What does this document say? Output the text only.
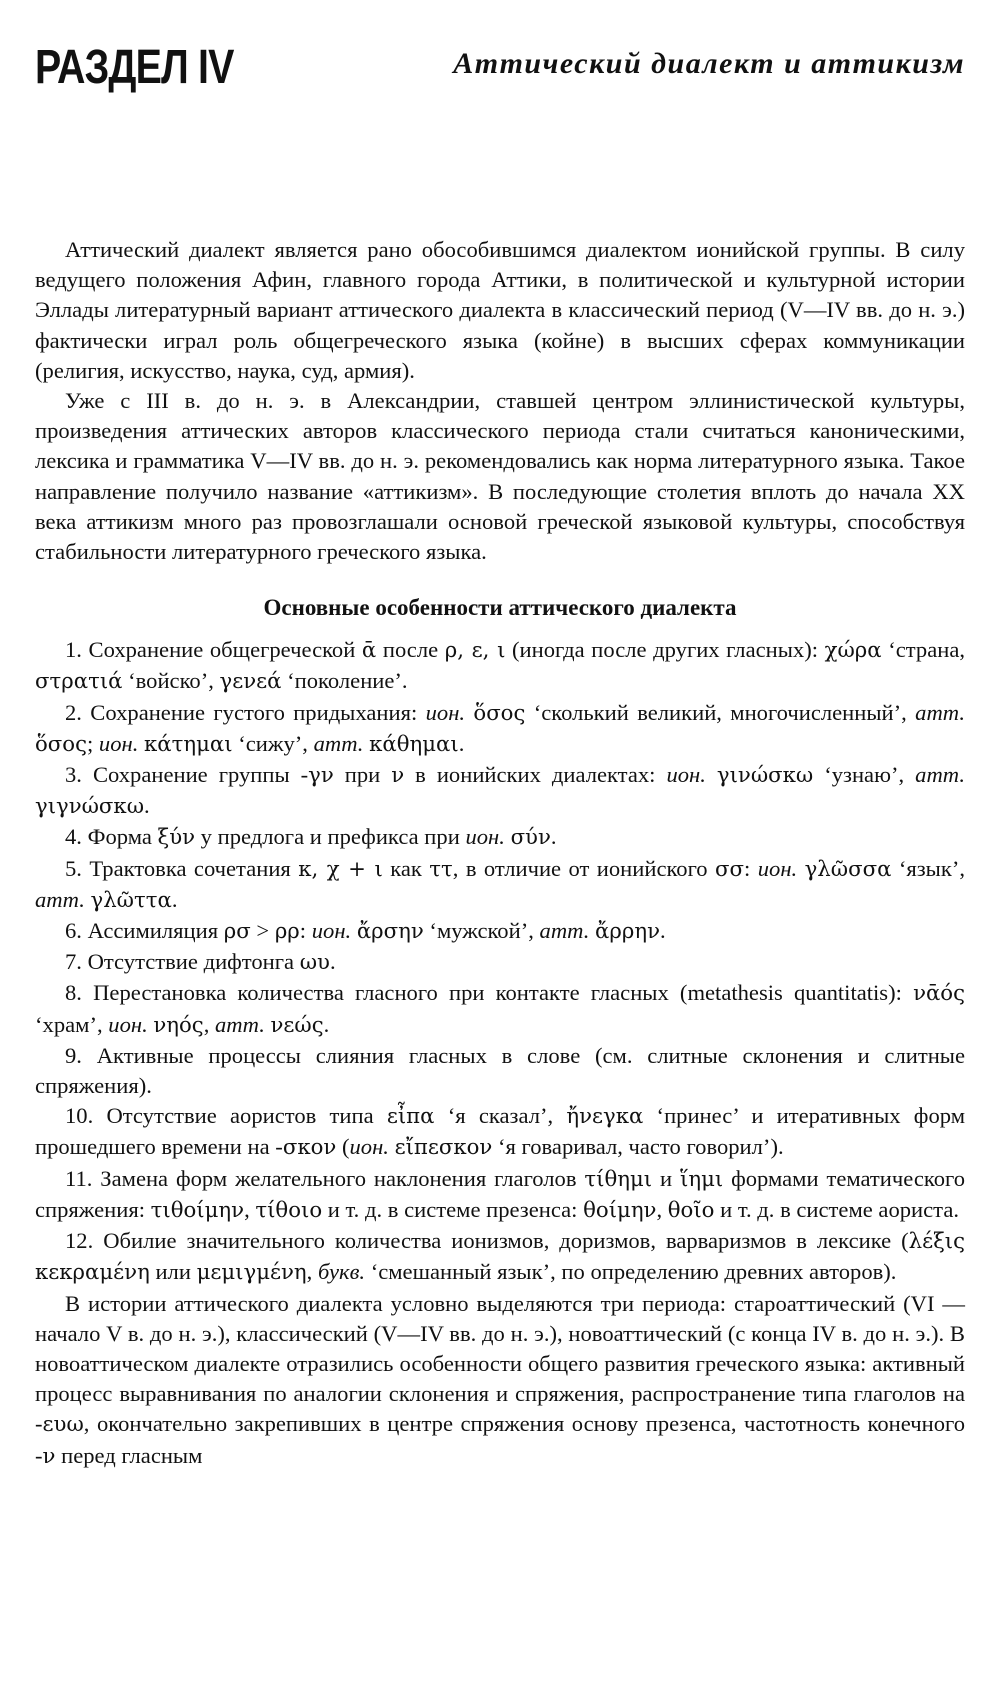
РАЗДЕЛ IV	Аттический диалект и аттикизм

Аттический диалект является рано обособившимся диалектом ионийской группы. В силу ведущего положения Афин, главного города Аттики, в политической и культурной истории Эллады литературный вариант аттического диалекта в классический период (V—IV вв. до н. э.) фактически играл роль общегреческого языка (койне) в высших сферах коммуникации (религия, искусство, наука, суд, армия).

Уже с III в. до н. э. в Александрии, ставшей центром эллинистической культуры, произведения аттических авторов классического периода стали считаться каноническими, лексика и грамматика V—IV вв. до н. э. рекомендовались как норма литературного языка. Такое направление получило название «аттикизм». В последующие столетия вплоть до начала XX века аттикизм много раз провозглашали основой греческой языковой культуры, способствуя стабильности литературного греческого языка.

Основные особенности аттического диалекта

1. Сохранение общегреческой ᾱ после ρ, ε, ι (иногда после других гласных): χώρα ‘страна, στρατιά ‘войско’, γενεά ‘поколение’.

2. Сохранение густого придыхания: ион. ὅσος ‘сколький великий, многочисленный’, атт. ὅσος; ион. κάτημαι ‘сижу’, атт. κάθημαι.

3. Сохранение группы -γν при ν в ионийских диалектах: ион. γινώσκω ‘узнаю’, атт. γιγνώσκω.

4. Форма ξύν у предлога и префикса при ион. σύν.

5. Трактовка сочетания κ, χ + ι как ττ, в отличие от ионийского σσ: ион. γλῶσσα ‘язык’, атт. γλῶττα.

6. Ассимиляция ρσ > ρρ: ион. ἄρσην ‘мужской’, атт. ἄρρην.

7. Отсутствие дифтонга ωυ.

8. Перестановка количества гласного при контакте гласных (metathesis quantitatis): νᾱός ‘храм’, ион. νηός, атт. νεώς.

9. Активные процессы слияния гласных в слове (см. слитные склонения и слитные спряжения).

10. Отсутствие аористов типа εἶπα ‘я сказал’, ἤνεγκα ‘принес’ и итеративных форм прошедшего времени на -σκον (ион. εἴπεσκον ‘я говаривал, часто говорил’).

11. Замена форм желательного наклонения глаголов τίθημι и ἵημι формами тематического спряжения: τιθοίμην, τίθοιο и т. д. в системе презенса: θοίμην, θοῖο и т. д. в системе аориста.

12. Обилие значительного количества ионизмов, доризмов, варваризмов в лексике (λέξις κεκραμένη или μεμιγμένη, букв. ‘смешанный язык’, по определению древних авторов).

В истории аттического диалекта условно выделяются три периода: староаттический (VI — начало V в. до н. э.), классический (V—IV вв. до н. э.), новоаттический (с конца IV в. до н. э.). В новоаттическом диалекте отразились особенности общего развития греческого языка: активный процесс выравнивания по аналогии склонения и спряжения, распространение типа глаголов на -ευω, окончательно закрепивших в центре спряжения основу презенса, частотность конечного -ν перед гласным
